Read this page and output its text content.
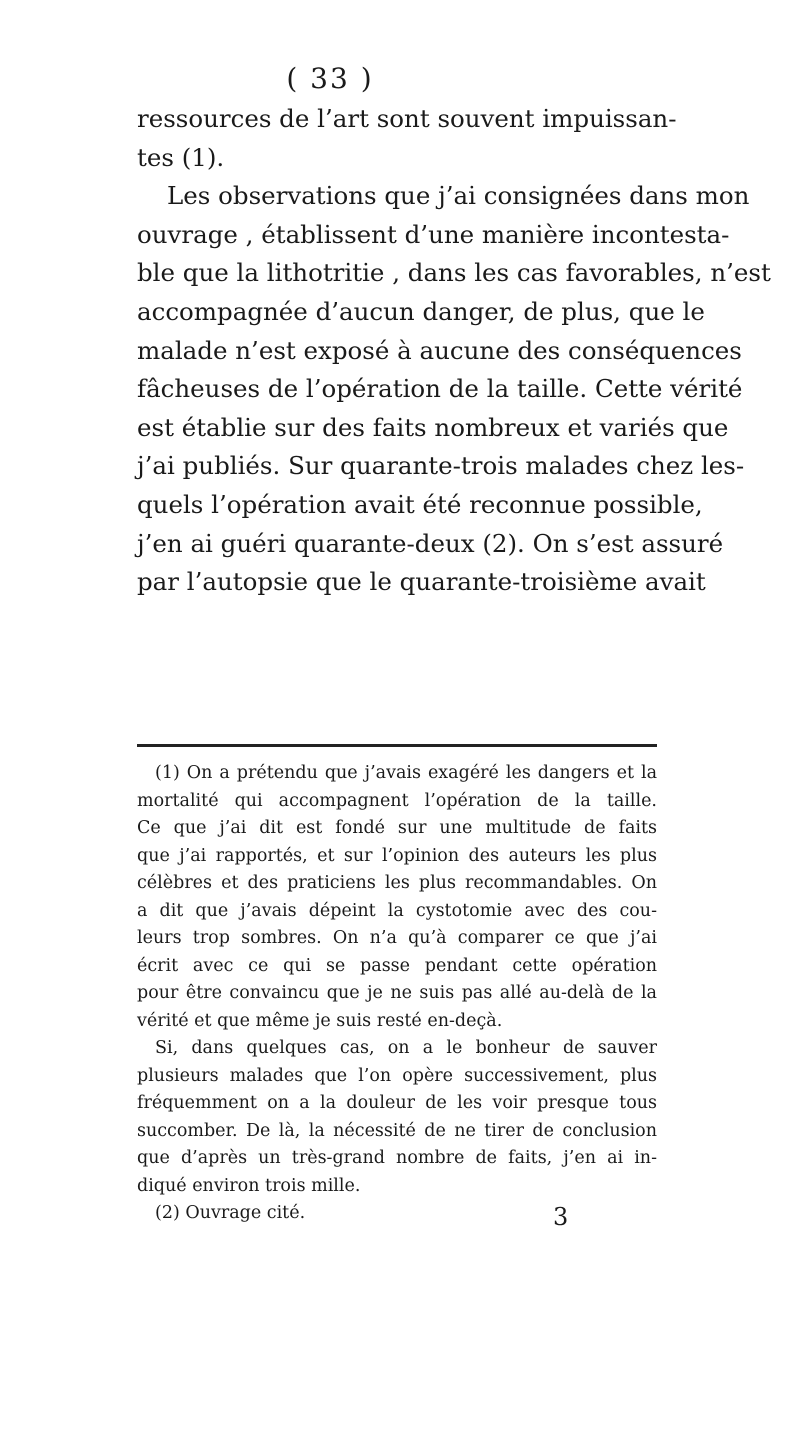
( 33 )
ressources de l’art sont souvent impuissan-
tes (1).
Les observations que j’ai consignées dans mon
ouvrage , établissent d’une manière incontesta-
ble que la lithotritie , dans les cas favorables, n’est
accompagnée d’aucun danger, de plus, que le
malade n’est exposé à aucune des conséquences
fâcheuses de l’opération de la taille. Cette vérité
est établie sur des faits nombreux et variés que
j’ai publiés. Sur quarante-trois malades chez les-
quels l’opération avait été reconnue possible,
j’en ai guéri quarante-deux (2). On s’est assuré
par l’autopsie que le quarante-troisième avait
(1) On a prétendu que j’avais exagéré les dangers et la
mortalité qui accompagnent l’opération de la taille.
Ce que j’ai dit est fondé sur une multitude de faits
que j’ai rapportés, et sur l’opinion des auteurs les plus
célèbres et des praticiens les plus recommandables. On
a dit que j’avais dépeint la cystotomie avec des cou-
leurs trop sombres. On n’a qu’à comparer ce que j’ai
écrit avec ce qui se passe pendant cette opération
pour être convaincu que je ne suis pas allé au-delà de la
vérité et que même je suis resté en-deçà.
Si, dans quelques cas, on a le bonheur de sauver
plusieurs malades que l’on opère successivement, plus
fréquemment on a la douleur de les voir presque tous
succomber. De là, la nécessité de ne tirer de conclusion
que d’après un très-grand nombre de faits, j’en ai in-
diqué environ trois mille.
(2) Ouvrage cité.	3
